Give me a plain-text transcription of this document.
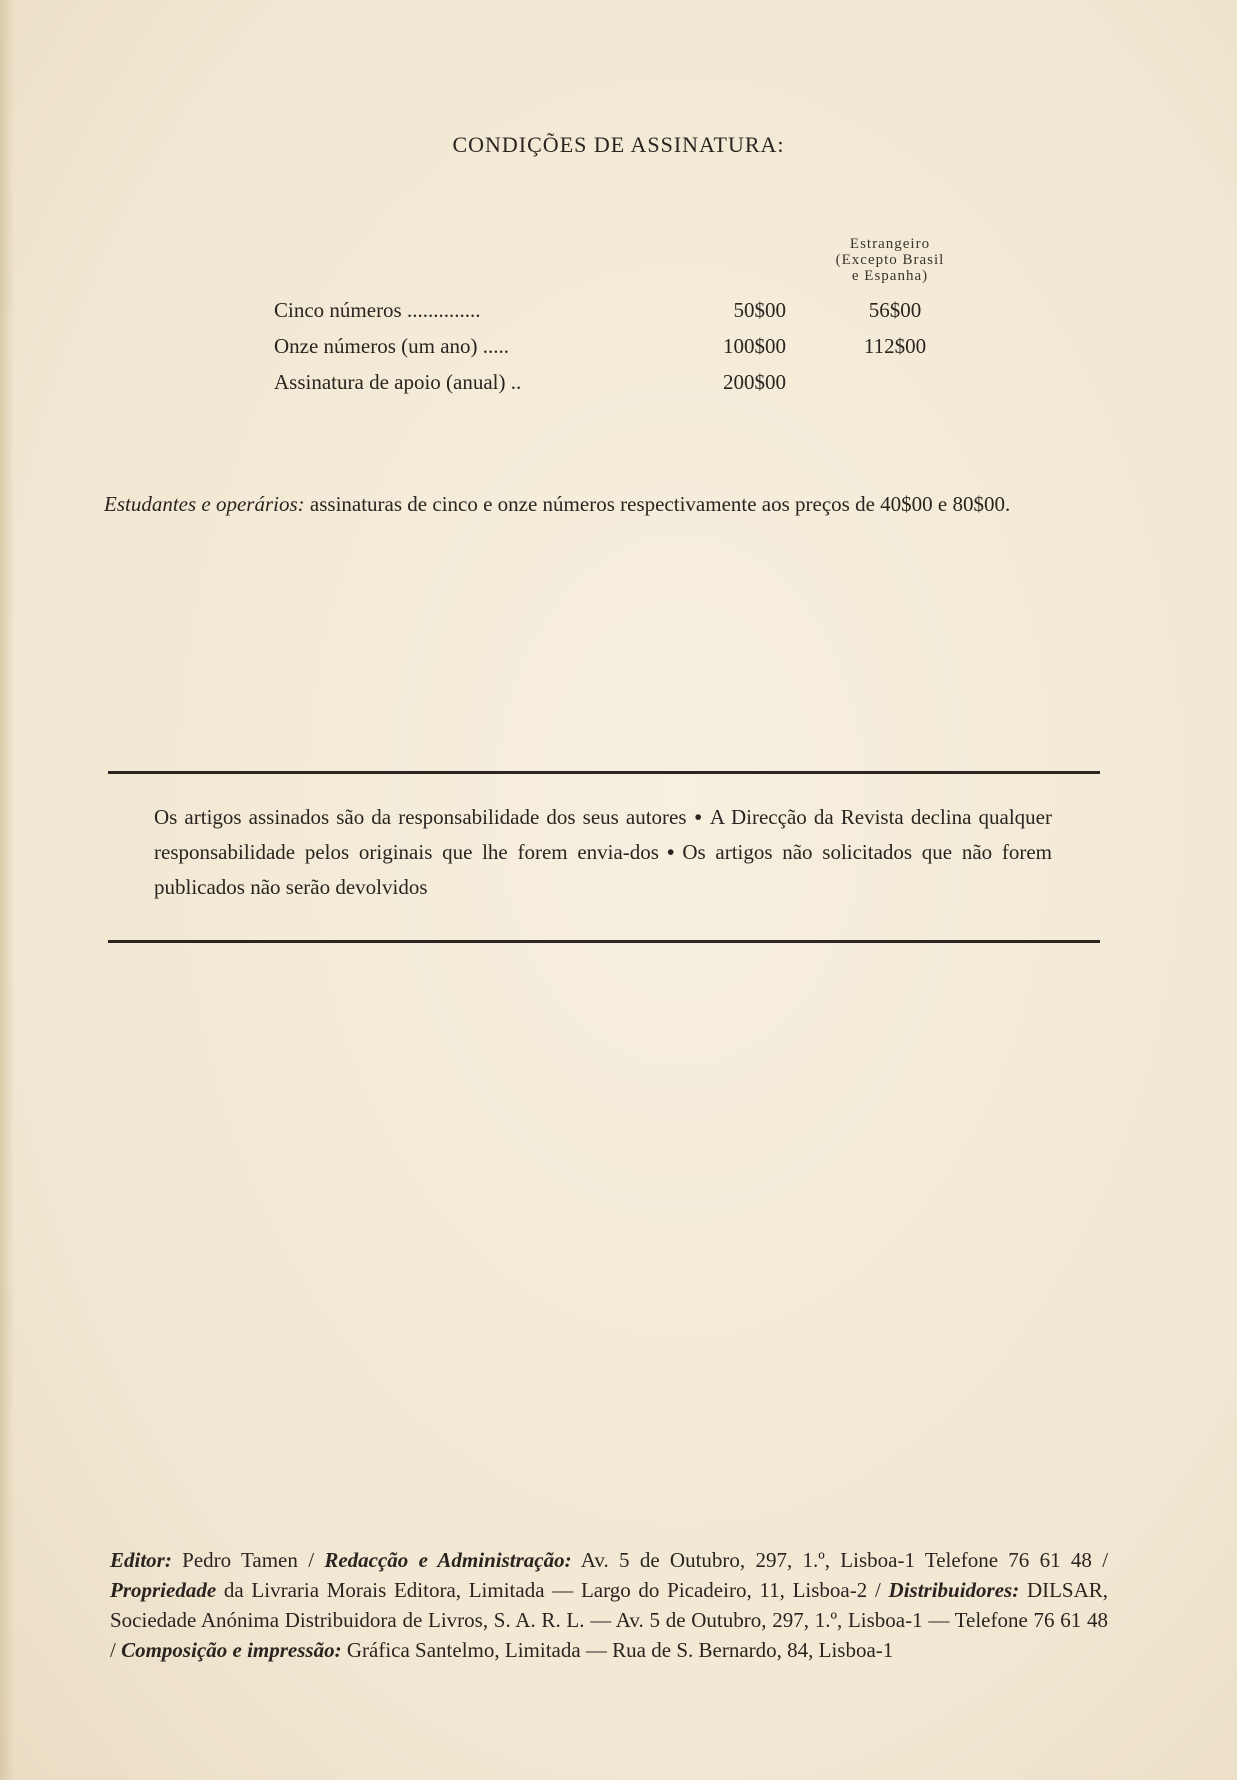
CONDIÇÕES DE ASSINATURA:
Estrangeiro
(Excepto Brasil
e Espanha)
Cinco números ..............	50$00	56$00
Onze números (um ano) .....	100$00	112$00
Assinatura de apoio (anual) ..	200$00
Estudantes e operários: assinaturas de cinco e onze números respectivamente aos preços de 40$00 e 80$00.
Os artigos assinados são da responsabilidade dos seus autores • A Direcção da Revista declina qualquer responsabilidade pelos originais que lhe forem envia-dos • Os artigos não solicitados que não forem publicados não serão devolvidos
Editor: Pedro Tamen / Redacção e Administração: Av. 5 de Outubro, 297, 1.º, Lisboa-1 Telefone 76 61 48 / Propriedade da Livraria Morais Editora, Limitada — Largo do Picadeiro, 11, Lisboa-2 / Distribuidores: DILSAR, Sociedade Anónima Distribuidora de Livros, S. A. R. L. — Av. 5 de Outubro, 297, 1.º, Lisboa-1 — Telefone 76 61 48 / Composição e impressão: Gráfica Santelmo, Limitada — Rua de S. Bernardo, 84, Lisboa-1
